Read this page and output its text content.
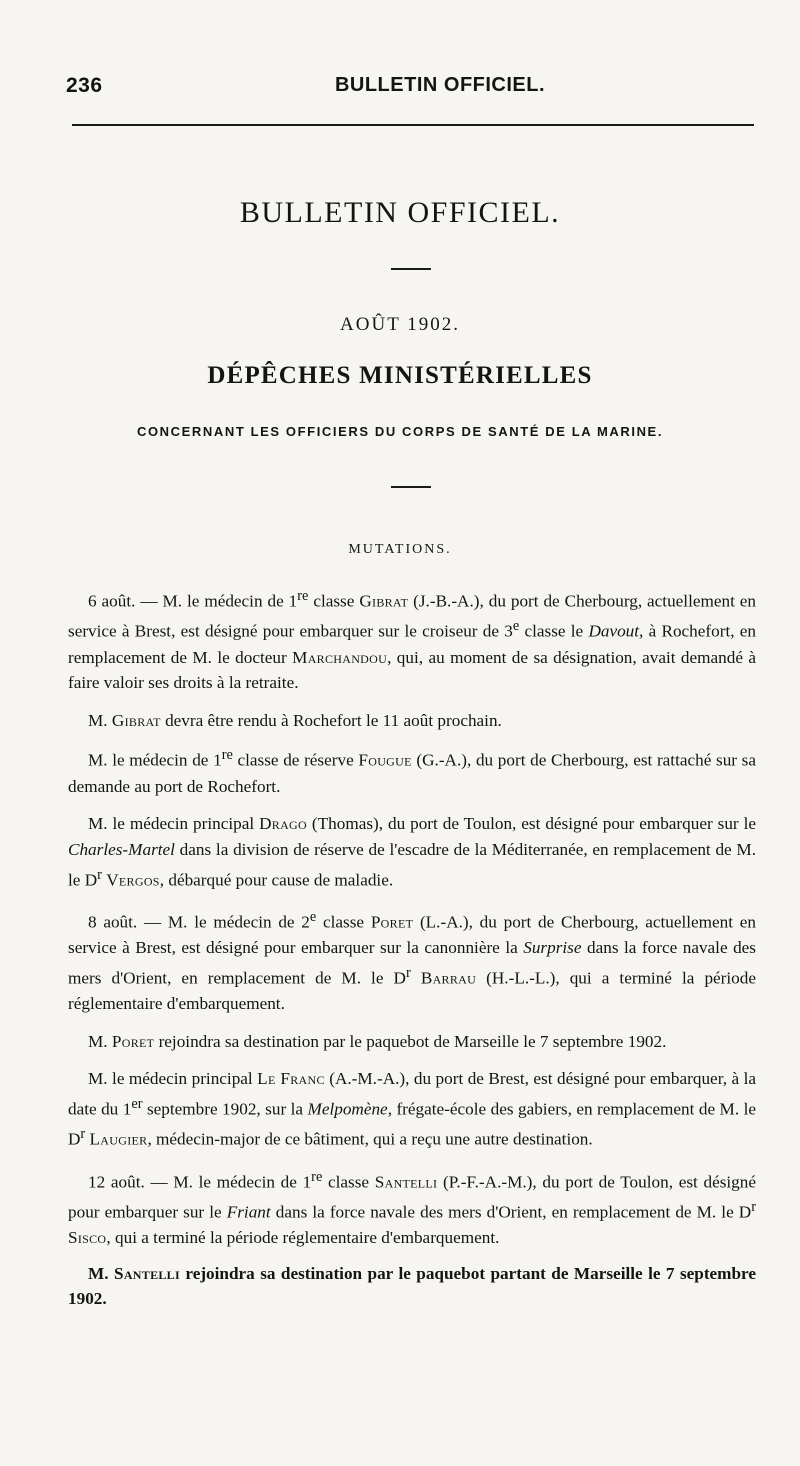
236	BULLETIN OFFICIEL.
BULLETIN OFFICIEL.
AOÛT 1902.
DÉPÊCHES MINISTÉRIELLES
CONCERNANT LES OFFICIERS DU CORPS DE SANTÉ DE LA MARINE.
MUTATIONS.

6 août. — M. le médecin de 1re classe Gibrat (J.-B.-A.), du port de Cherbourg, actuellement en service à Brest, est désigné pour embarquer sur le croiseur de 3e classe le Davout, à Rochefort, en remplacement de M. le docteur Marchandou, qui, au moment de sa désignation, avait demandé à faire valoir ses droits à la retraite.

M. Gibrat devra être rendu à Rochefort le 11 août prochain.

M. le médecin de 1re classe de réserve Fougue (G.-A.), du port de Cherbourg, est rattaché sur sa demande au port de Rochefort.

M. le médecin principal Drago (Thomas), du port de Toulon, est désigné pour embarquer sur le Charles-Martel dans la division de réserve de l'escadre de la Méditerranée, en remplacement de M. le $D^r$ Vergos, débarqué pour cause de maladie.

8 août. — M. le médecin de 2e classe Poret (L.-A.), du port de Cherbourg, actuellement en service à Brest, est désigné pour embarquer sur la canonnière la Surprise dans la force navale des mers d'Orient, en remplacement de M. le $D^r$ Barrau (H.-L.-L.), qui a terminé la période réglementaire d'embarquement.

M. Poret rejoindra sa destination par le paquebot de Marseille le 7 septembre 1902.

M. le médecin principal Le Franc (A.-M.-A.), du port de Brest, est désigné pour embarquer, à la date du 1er septembre 1902, sur la Melpomène, frégate-école des gabiers, en remplacement de M. le $D^r$ Laugier, médecin-major de ce bâtiment, qui a reçu une autre destination.

12 août. — M. le médecin de 1re classe Santelli (P.-F.-A.-M.), du port de Toulon, est désigné pour embarquer sur le Friant dans la force navale des mers d'Orient, en remplacement de M. le $D^r$ Sisco, qui a terminé la période réglementaire d'embarquement.

M. Santelli rejoindra sa destination par le paquebot partant de Marseille le 7 septembre 1902.
